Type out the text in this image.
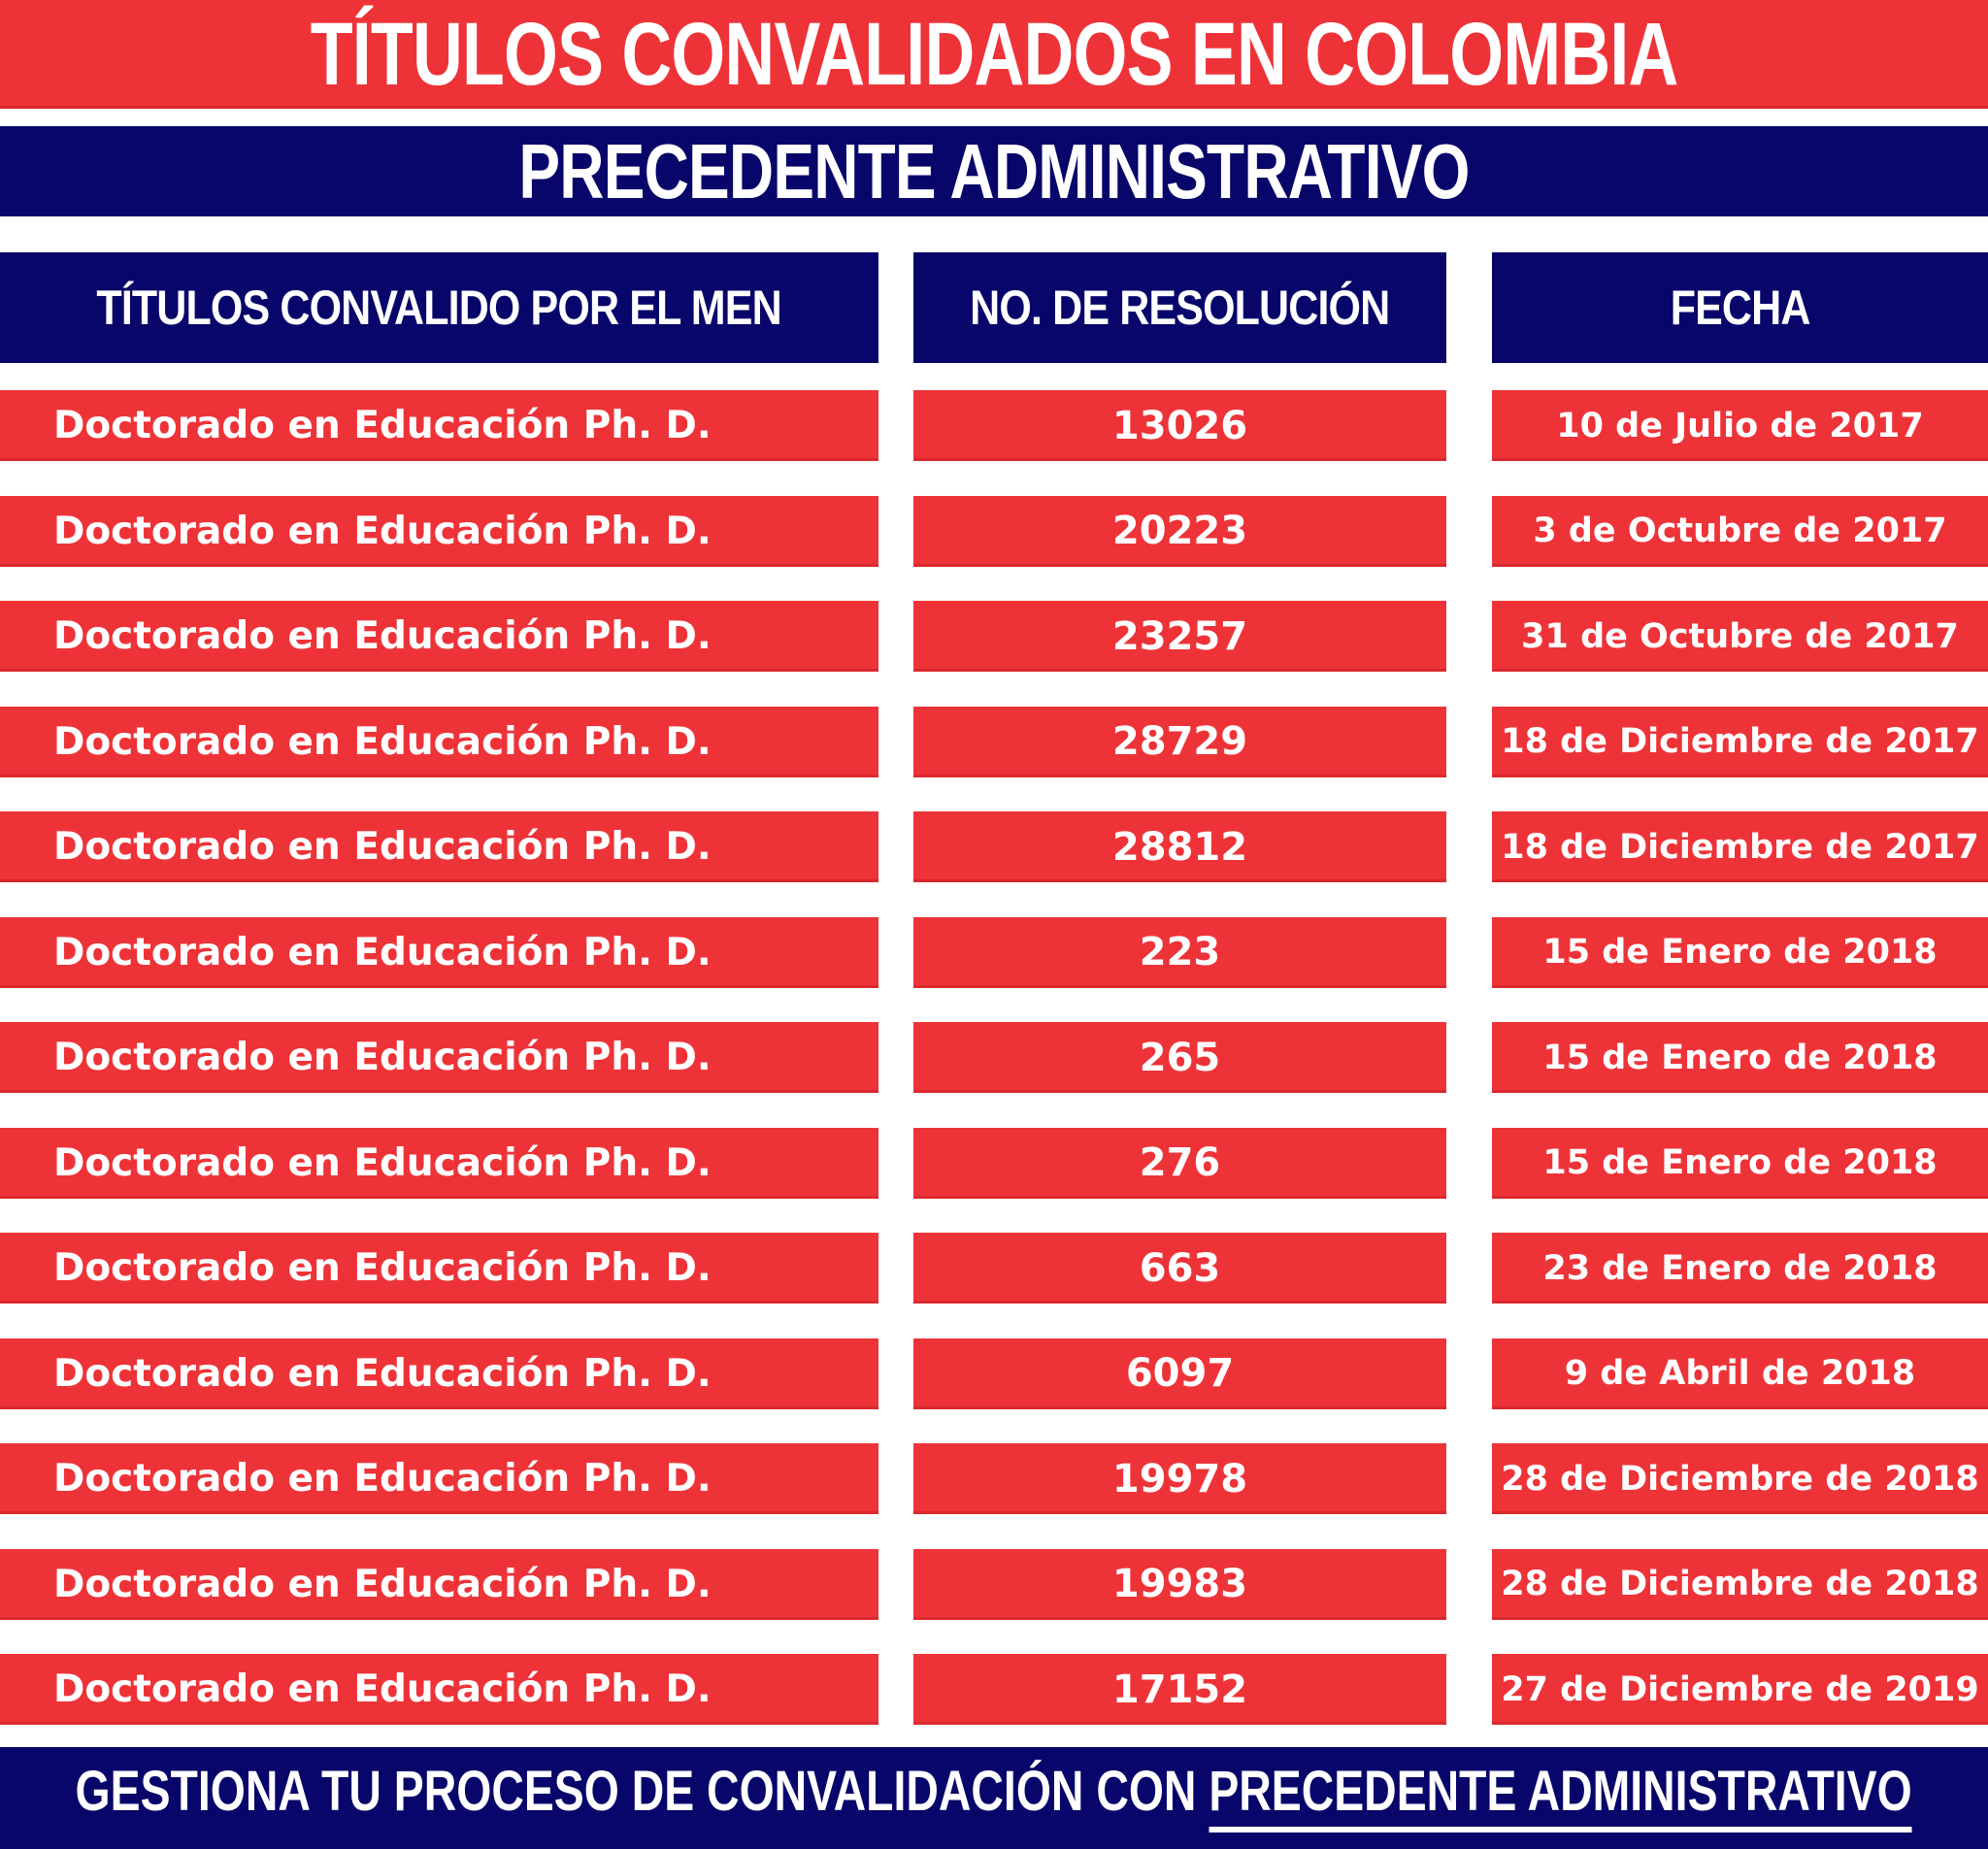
TÍTULOS CONVALIDADOS EN COLOMBIA
PRECEDENTE ADMINISTRATIVO
TÍTULOS CONVALIDO POR EL MEN	NO. DE RESOLUCIÓN	FECHA
Doctorado en Educación Ph. D.	13026	10 de Julio de 2017
Doctorado en Educación Ph. D.	20223	3 de Octubre de 2017
Doctorado en Educación Ph. D.	23257	31 de Octubre de 2017
Doctorado en Educación Ph. D.	28729	18 de Diciembre de 2017
Doctorado en Educación Ph. D.	28812	18 de Diciembre de 2017
Doctorado en Educación Ph. D.	223	15 de Enero de 2018
Doctorado en Educación Ph. D.	265	15 de Enero de 2018
Doctorado en Educación Ph. D.	276	15 de Enero de 2018
Doctorado en Educación Ph. D.	663	23 de Enero de 2018
Doctorado en Educación Ph. D.	6097	9 de Abril de 2018
Doctorado en Educación Ph. D.	19978	28 de Diciembre de 2018
Doctorado en Educación Ph. D.	19983	28 de Diciembre de 2018
Doctorado en Educación Ph. D.	17152	27 de Diciembre de 2019
GESTIONA TU PROCESO DE CONVALIDACIÓN CON PRECEDENTE ADMINISTRATIVO
